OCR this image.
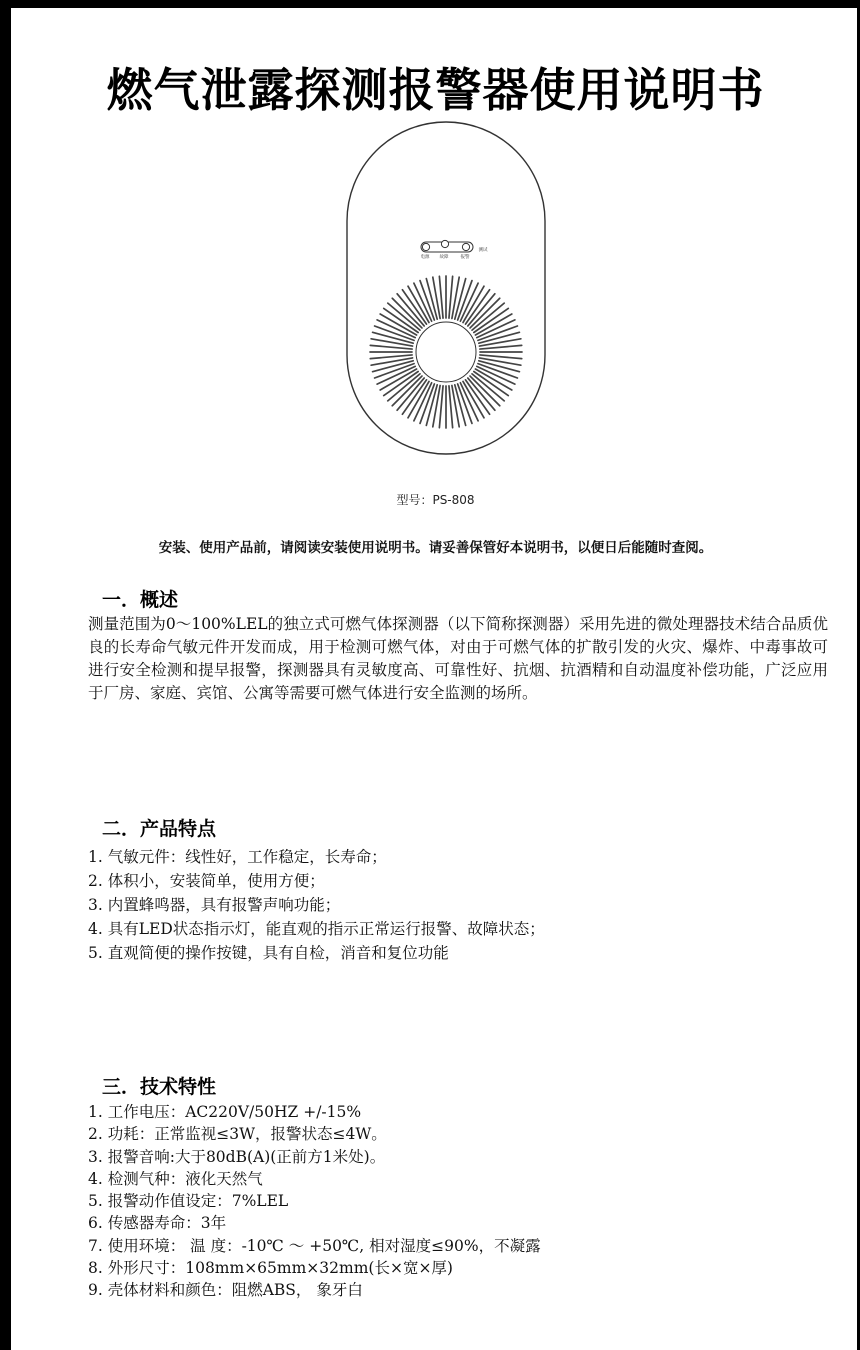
燃气泄露探测报警器使用说明书
电源 故障	报警
测试
型号：PS-808
安装、使用产品前，请阅读安装使用说明书。请妥善保管好本说明书，以便日后能随时查阅。
一．概述
测量范围为0～100%LEL的独立式可燃气体探测器（以下简称探测器）采用先进的微处理器技术结合品质优良的长寿命气敏元件开发而成，用于检测可燃气体，对由于可燃气体的扩散引发的火灾、爆炸、中毒事故可进行安全检测和提早报警，探测器具有灵敏度高、可靠性好、抗烟、抗酒精和自动温度补偿功能，广泛应用于厂房、家庭、宾馆、公寓等需要可燃气体进行安全监测的场所。
二．产品特点
1. 气敏元件：线性好，工作稳定，长寿命；
2. 体积小，安装简单，使用方便；
3. 内置蜂鸣器，具有报警声响功能；
4. 具有LED状态指示灯，能直观的指示正常运行报警、故障状态；
5. 直观简便的操作按键，具有自检，消音和复位功能
三．技术特性
1. 工作电压：AC220V/50HZ +/-15%
2. 功耗：正常监视≤3W，报警状态≤4W。
3. 报警音响:大于80dB(A)(正前方1米处)。
4. 检测气种：液化天然气
5. 报警动作值设定：7%LEL
6. 传感器寿命：3年
7. 使用环境： 温 度：-10℃ ～ +50℃, 相对湿度≤90%，不凝露
8. 外形尺寸：108mm×65mm×32mm(长×宽×厚)
9. 壳体材料和颜色：阻燃ABS， 象牙白
